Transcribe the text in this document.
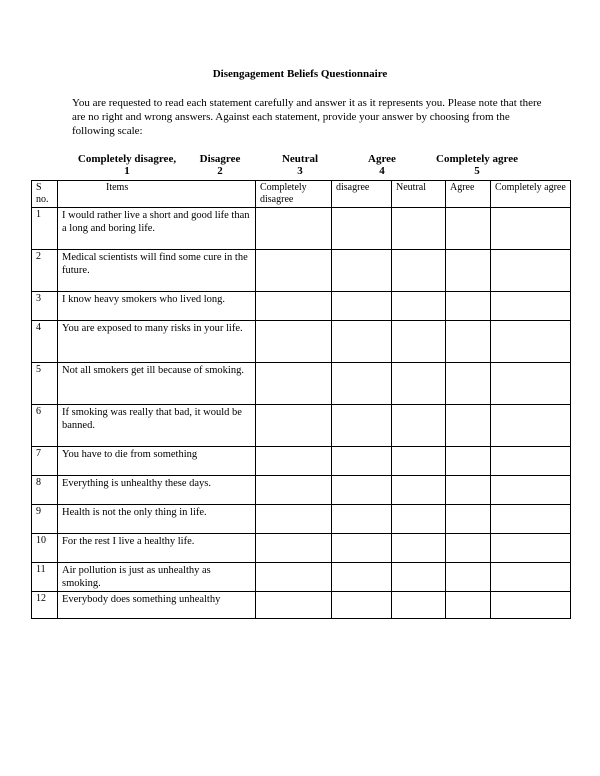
Disengagement Beliefs Questionnaire
You are requested to read each statement carefully and answer it as it represents you. Please note that there are no right and wrong answers. Against each statement, provide your answer by choosing from the following scale:
Completely disagree,
1
Disagree
2
Neutral
3
Agree
4
Completely agree
5
S no.	Items	Completely disagree	disagree	Neutral	Agree	Completely agree
1	I would rather live a short and good life than a long and boring life.					
2	Medical scientists will find some cure in the future.					
3	I know heavy smokers who lived long.					
4	You are exposed to many risks in your life.					
5	Not all smokers get ill because of smoking.					
6	If smoking was really that bad, it would be banned.					
7	You have to die from something					
8	Everything is unhealthy these days.					
9	Health is not the only thing in life.					
10	For the rest I live a healthy life.					
11	Air pollution is just as unhealthy as smoking.					
12	Everybody does something unhealthy					
